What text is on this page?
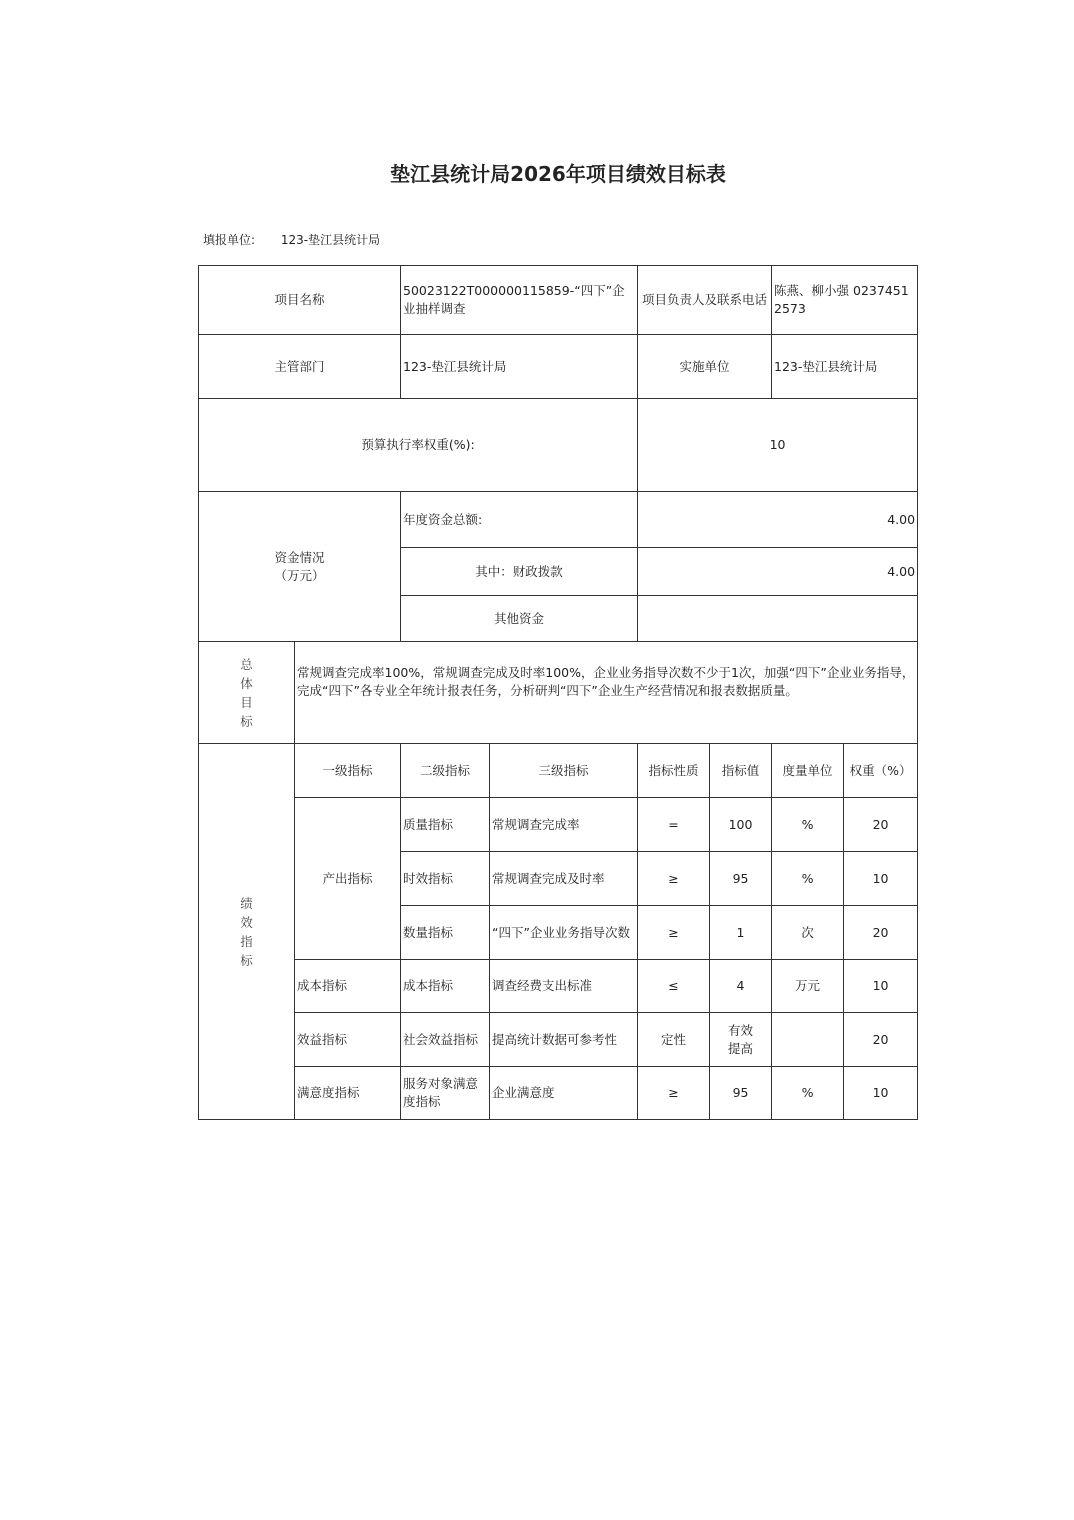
垫江县统计局2026年项目绩效目标表
填报单位: 123-垫江县统计局
项目名称		50023122T000000115859-“四下”企业抽样调查		项目负责人及联系电话		陈燕、柳小强 02374512573	
主管部门		123-垫江县统计局		实施单位		123-垫江县统计局	
预算执行率权重(%):				10			
资金情况（万元）		年度资金总额:		4.00			
		其中：财政拨款		4.00			
		其他资金					
总体目标	常规调查完成率100%，常规调查完成及时率100%，企业业务指导次数不少于1次，加强“四下”企业业务指导，完成“四下”各专业全年统计报表任务，分析研判“四下”企业生产经营情况和报表数据质量。						
绩效指标	一级指标	二级指标	三级指标	指标性质	指标值	度量单位	权重（%）
	产出指标	质量指标	常规调查完成率	=	100	%	20
		时效指标	常规调查完成及时率	≥	95	%	10
		数量指标	“四下”企业业务指导次数	≥	1	次	20
	成本指标	成本指标	调查经费支出标准	≤	4	万元	10
	效益指标	社会效益指标	提高统计数据可参考性	定性	有效提高		20
	满意度指标	服务对象满意度指标	企业满意度	≥	95	%	10
